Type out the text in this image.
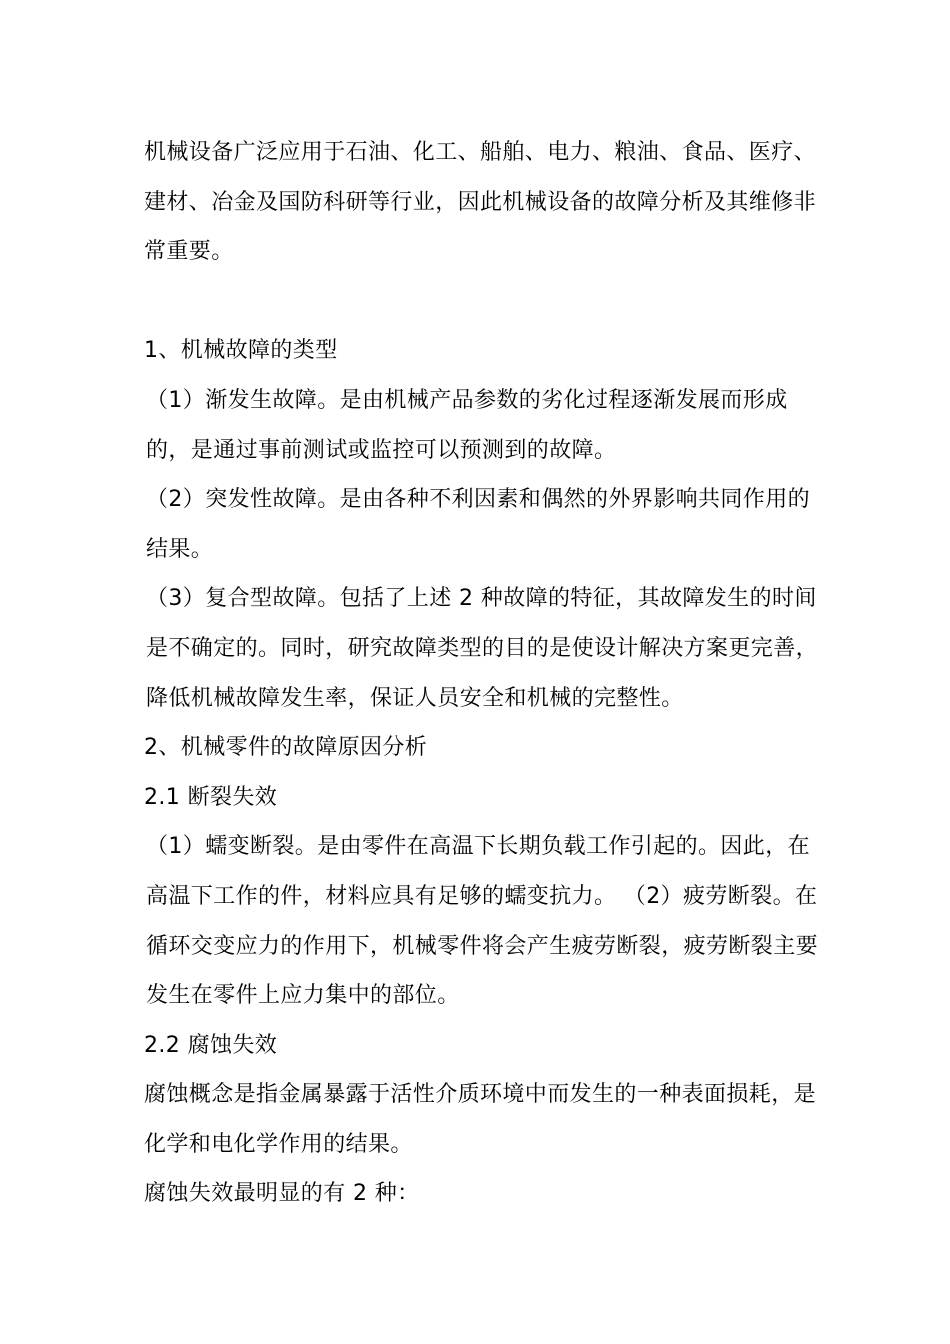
机械设备广泛应用于石油、化工、船舶、电力、粮油、食品、医疗、建材、冶金及国防科研等行业，因此机械设备的故障分析及其维修非常重要。

1、机械故障的类型

（1）渐发生故障。是由机械产品参数的劣化过程逐渐发展而形成的，是通过事前测试或监控可以预测到的故障。

（2）突发性故障。是由各种不利因素和偶然的外界影响共同作用的结果。

（3）复合型故障。包括了上述 2 种故障的特征，其故障发生的时间是不确定的。同时，研究故障类型的目的是使设计解决方案更完善，降低机械故障发生率，保证人员安全和机械的完整性。

2、机械零件的故障原因分析

2.1 断裂失效

（1）蠕变断裂。是由零件在高温下长期负载工作引起的。因此，在高温下工作的件，材料应具有足够的蠕变抗力。 （2）疲劳断裂。在循环交变应力的作用下，机械零件将会产生疲劳断裂，疲劳断裂主要发生在零件上应力集中的部位。

2.2 腐蚀失效

腐蚀概念是指金属暴露于活性介质环境中而发生的一种表面损耗，是化学和电化学作用的结果。

腐蚀失效最明显的有 2 种：
